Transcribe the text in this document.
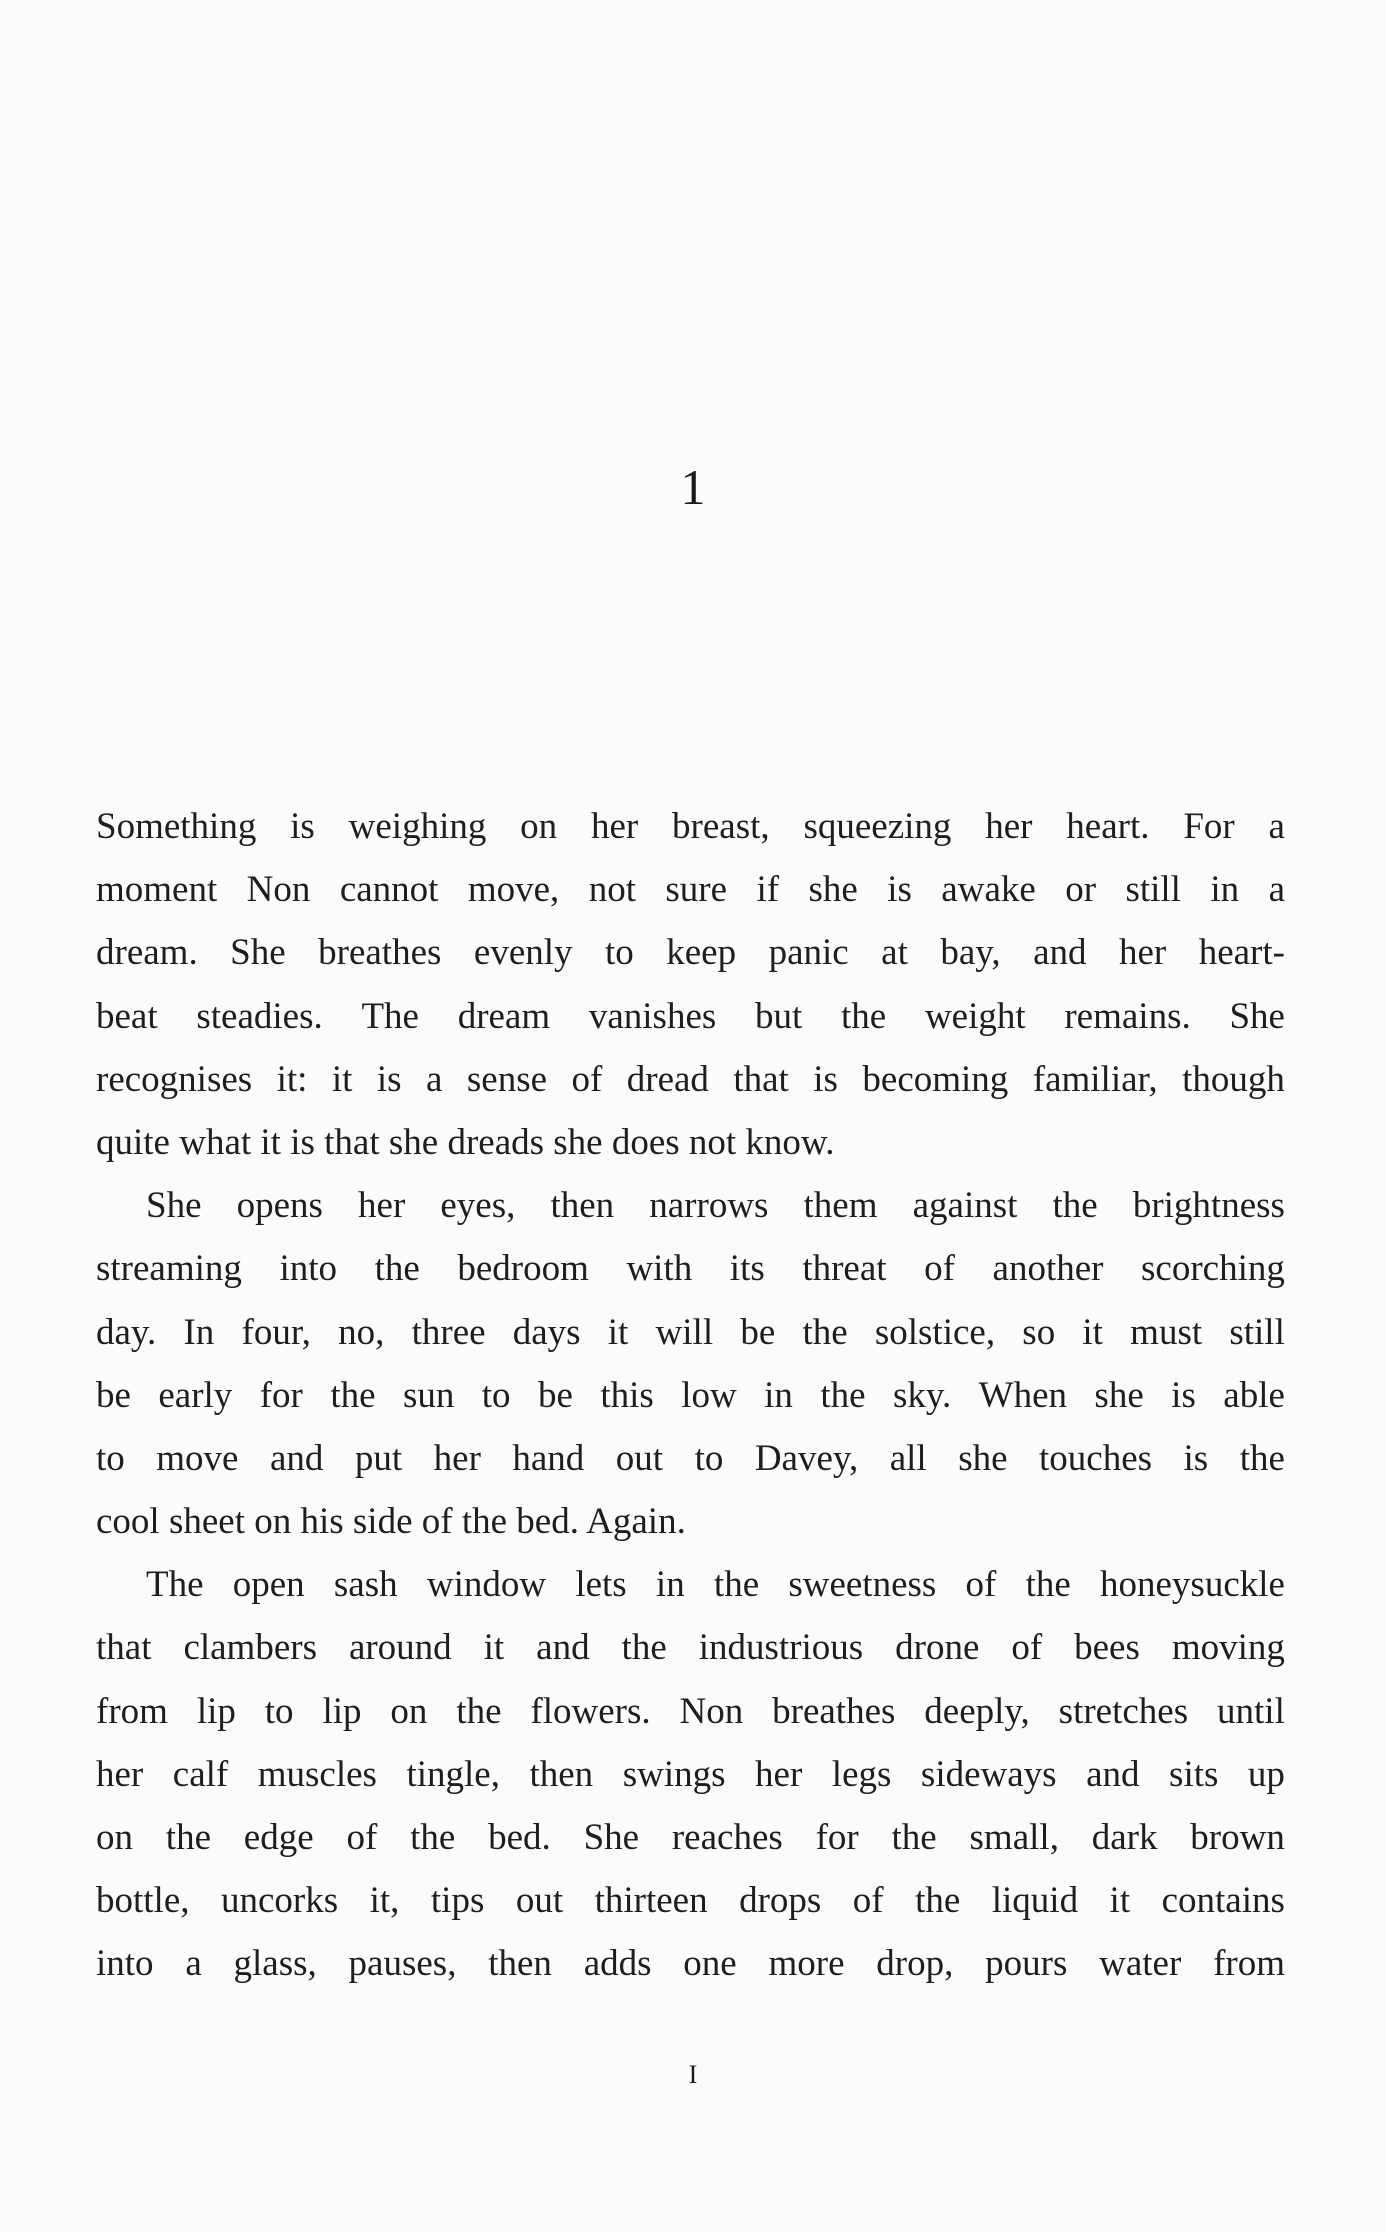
1
Something is weighing on her breast, squeezing her heart. For a
moment Non cannot move, not sure if she is awake or still in a
dream. She breathes evenly to keep panic at bay, and her heart-
beat steadies. The dream vanishes but the weight remains. She
recognises it: it is a sense of dread that is becoming familiar, though
quite what it is that she dreads she does not know.
She opens her eyes, then narrows them against the brightness
streaming into the bedroom with its threat of another scorching
day. In four, no, three days it will be the solstice, so it must still
be early for the sun to be this low in the sky. When she is able
to move and put her hand out to Davey, all she touches is the
cool sheet on his side of the bed. Again.
The open sash window lets in the sweetness of the honeysuckle
that clambers around it and the industrious drone of bees moving
from lip to lip on the flowers. Non breathes deeply, stretches until
her calf muscles tingle, then swings her legs sideways and sits up
on the edge of the bed. She reaches for the small, dark brown
bottle, uncorks it, tips out thirteen drops of the liquid it contains
into a glass, pauses, then adds one more drop, pours water from
I
